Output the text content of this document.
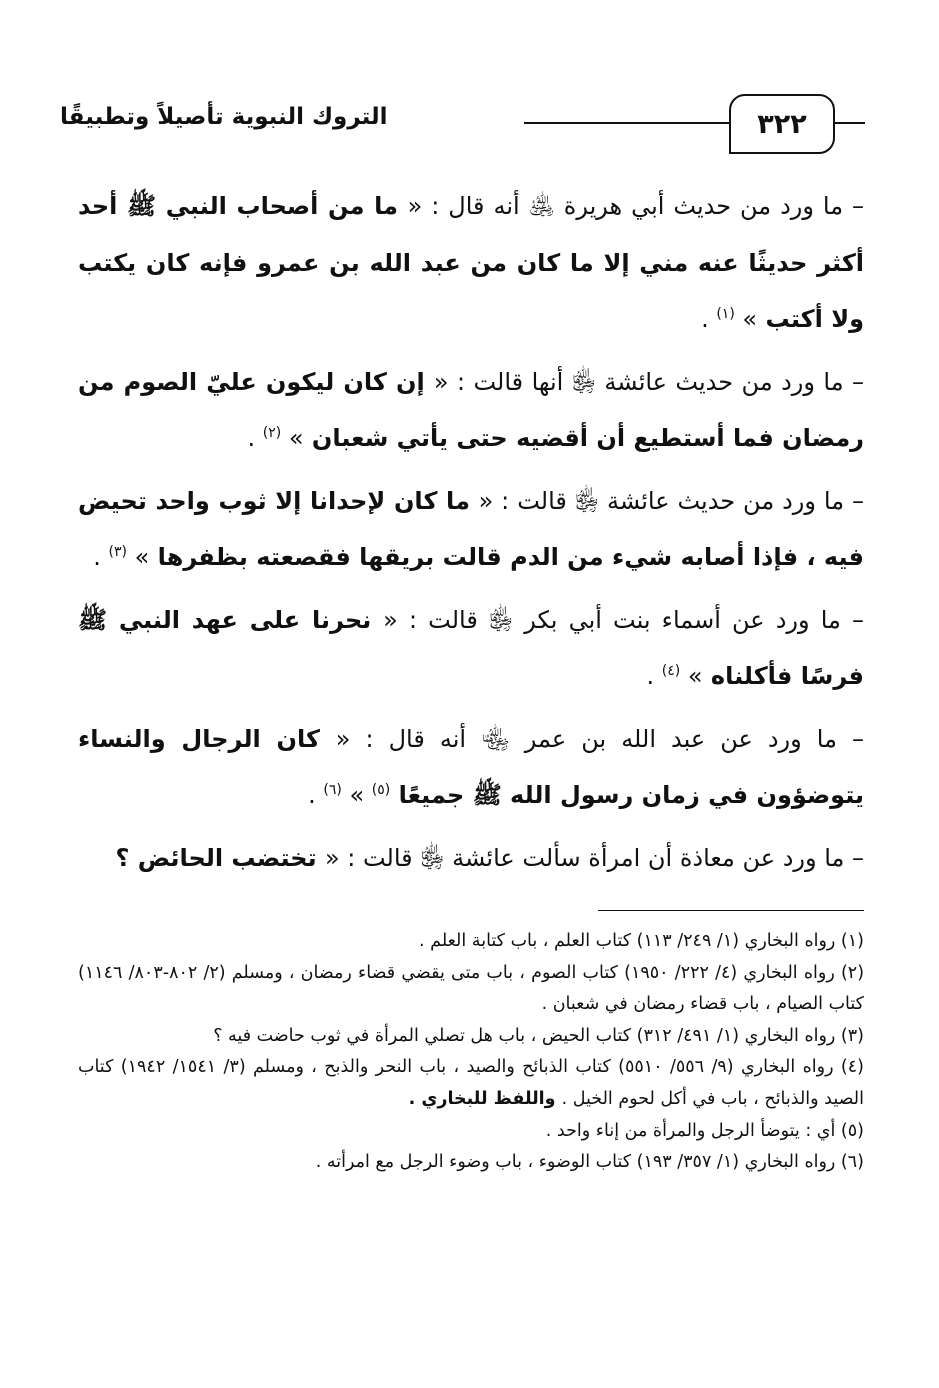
٣٢٢
التروك النبوية تأصيلاً وتطبيقًا

– ما ورد من حديث أبي هريرة ﵁ أنه قال : « ما من أصحاب النبي ﷺ أحد أكثر حديثًا عنه مني إلا ما كان من عبد الله بن عمرو فإنه كان يكتب ولا أكتب » $^{(١)}$ .

– ما ورد من حديث عائشة ﵂ أنها قالت : « إن كان ليكون عليّ الصوم من رمضان فما أستطيع أن أقضيه حتى يأتي شعبان » $^{(٢)}$ .

– ما ورد من حديث عائشة ﵂ قالت : « ما كان لإحدانا إلا ثوب واحد تحيض فيه ، فإذا أصابه شيء من الدم قالت بريقها فقصعته بظفرها » $^{(٣)}$ .

– ما ورد عن أسماء بنت أبي بكر ﵂ قالت : « نحرنا على عهد النبي ﷺ فرسًا فأكلناه » $^{(٤)}$ .

– ما ورد عن عبد الله بن عمر ﵄ أنه قال : « كان الرجال والنساء يتوضؤون في زمان رسول الله ﷺ جميعًا $^{(٥)}$ » $^{(٦)}$ .

– ما ورد عن معاذة أن امرأة سألت عائشة ﵂ قالت : « تختضب الحائض ؟

(١) رواه البخاري (١/ ٢٤٩/ ١١٣) كتاب العلم ، باب كتابة العلم .

(٢) رواه البخاري (٤/ ٢٢٢/ ١٩٥٠) كتاب الصوم ، باب متى يقضي قضاء رمضان ، ومسلم (٢/ ٨٠٢-٨٠٣/ ١١٤٦) كتاب الصيام ، باب قضاء رمضان في شعبان .

(٣) رواه البخاري (١/ ٤٩١/ ٣١٢) كتاب الحيض ، باب هل تصلي المرأة في ثوب حاضت فيه ؟

(٤) رواه البخاري (٩/ ٥٥٦/ ٥٥١٠) كتاب الذبائح والصيد ، باب النحر والذبح ، ومسلم (٣/ ١٥٤١/ ١٩٤٢) كتاب الصيد والذبائح ، باب في أكل لحوم الخيل . واللفظ للبخاري .

(٥) أي : يتوضأ الرجل والمرأة من إناء واحد .

(٦) رواه البخاري (١/ ٣٥٧/ ١٩٣) كتاب الوضوء ، باب وضوء الرجل مع امرأته .
